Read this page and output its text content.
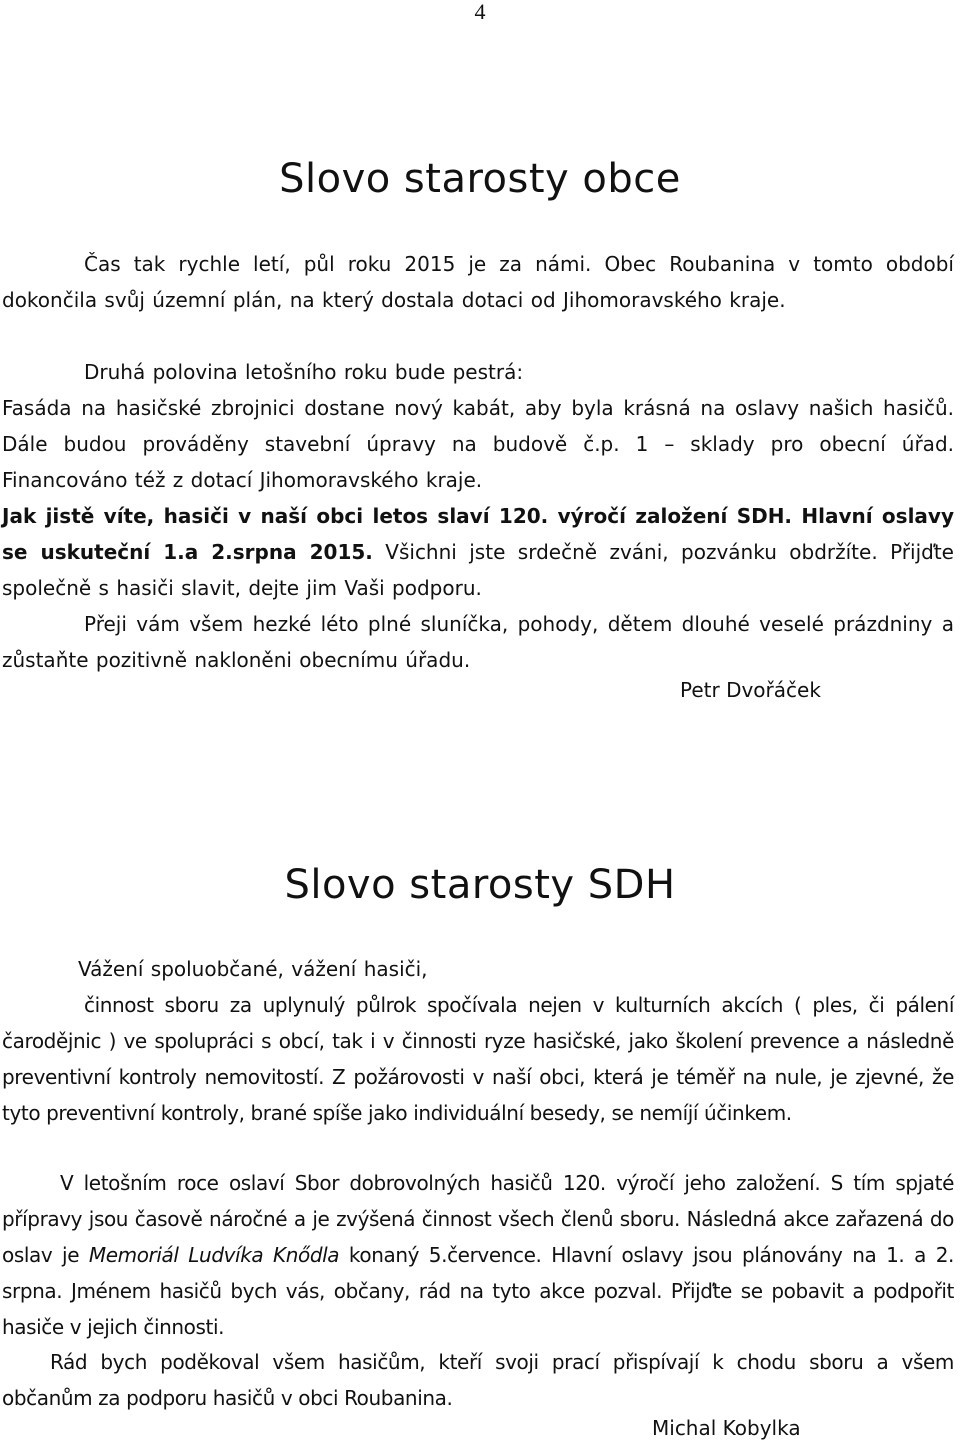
4
Slovo starosty obce

Čas tak rychle letí, půl roku 2015 je za námi. Obec Roubanina v tomto období dokončila svůj územní plán, na který dostala dotaci od Jihomoravského kraje.

Druhá polovina letošního roku bude pestrá:

Fasáda na hasičské zbrojnici dostane nový kabát, aby byla krásná na oslavy našich hasičů. Dále budou prováděny stavební úpravy na budově č.p. 1 – sklady pro obecní úřad. Financováno též z dotací Jihomoravského kraje.

Jak jistě víte, hasiči v naší obci letos slaví 120. výročí založení SDH. Hlavní oslavy se uskuteční 1.a 2.srpna 2015. Všichni jste srdečně zváni, pozvánku obdržíte. Přijďte společně s hasiči slavit, dejte jim Vaši podporu.

Přeji vám všem hezké léto plné sluníčka, pohody, dětem dlouhé veselé prázdniny a zůstaňte pozitivně nakloněni obecnímu úřadu.

Petr Dvořáček

Slovo starosty SDH

Vážení spoluobčané, vážení hasiči,

činnost sboru za uplynulý půlrok spočívala nejen v kulturních akcích ( ples, či pálení čarodějnic ) ve spolupráci s obcí, tak i v činnosti ryze hasičské, jako školení prevence a následně preventivní kontroly nemovitostí. Z požárovosti v naší obci, která je téměř na nule, je zjevné, že tyto preventivní kontroly, brané spíše jako individuální besedy, se nemíjí účinkem.

V letošním roce oslaví Sbor dobrovolných hasičů 120. výročí jeho založení. S tím spjaté přípravy jsou časově náročné a je zvýšená činnost všech členů sboru. Následná akce zařazená do oslav je Memoriál Ludvíka Knődla konaný 5.července. Hlavní oslavy jsou plánovány na 1. a 2. srpna. Jménem hasičů bych vás, občany, rád na tyto akce pozval. Přijďte se pobavit a podpořit hasiče v jejich činnosti.

Rád bych poděkoval všem hasičům, kteří svoji prací přispívají k chodu sboru a všem občanům za podporu hasičů v obci Roubanina.

Michal Kobylka
